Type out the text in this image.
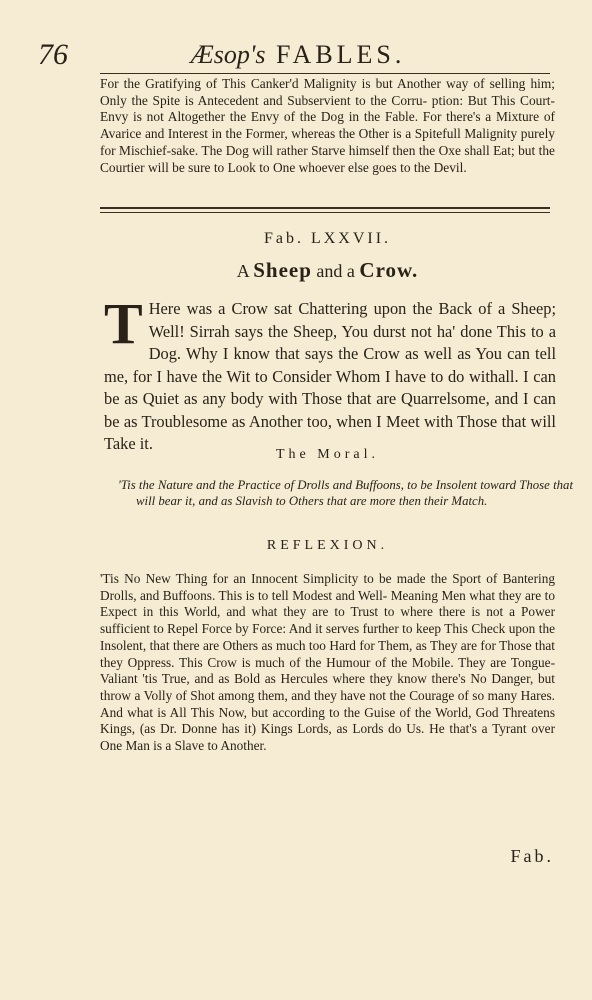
76	Æsop's FABLES.
For the Gratifying of This Canker'd Malignity is but Another way of selling him; Only the Spite is Antecedent and Subservient to the Corru- ption: But This Court-Envy is not Altogether the Envy of the Dog in the Fable. For there's a Mixture of Avarice and Interest in the Former, whereas the Other is a Spitefull Malignity purely for Mischief-sake. The Dog will rather Starve himself then the Oxe shall Eat; but the Courtier will be sure to Look to One whoever else goes to the Devil.
Fab. LXXVII.
A Sheep and a Crow.
T Here was a Crow sat Chattering upon the Back of a Sheep; Well! Sirrah says the Sheep, You durst not ha' done This to a Dog. Why I know that says the Crow as well as You can tell me, for I have the Wit to Consider Whom I have to do withall. I can be as Quiet as any body with Those that are Quarrelsome, and I can be as Troublesome as Another too, when I Meet with Those that will Take it.
The Moral.
'Tis the Nature and the Practice of Drolls and Buffoons, to be Insolent toward Those that will bear it, and as Slavish to Others that are more then their Match.
REFLEXION.
'Tis No New Thing for an Innocent Simplicity to be made the Sport of Bantering Drolls, and Buffoons. This is to tell Modest and Well- Meaning Men what they are to Expect in this World, and what they are to Trust to where there is not a Power sufficient to Repel Force by Force: And it serves further to keep This Check upon the Insolent, that there are Others as much too Hard for Them, as They are for Those that they Oppress. This Crow is much of the Humour of the Mobile. They are Tongue-Valiant 'tis True, and as Bold as Hercules where they know there's No Danger, but throw a Volly of Shot among them, and they have not the Courage of so many Hares. And what is All This Now, but according to the Guise of the World, God Threatens Kings, (as Dr. Donne has it) Kings Lords, as Lords do Us. He that's a Tyrant over One Man is a Slave to Another.
Fab.
